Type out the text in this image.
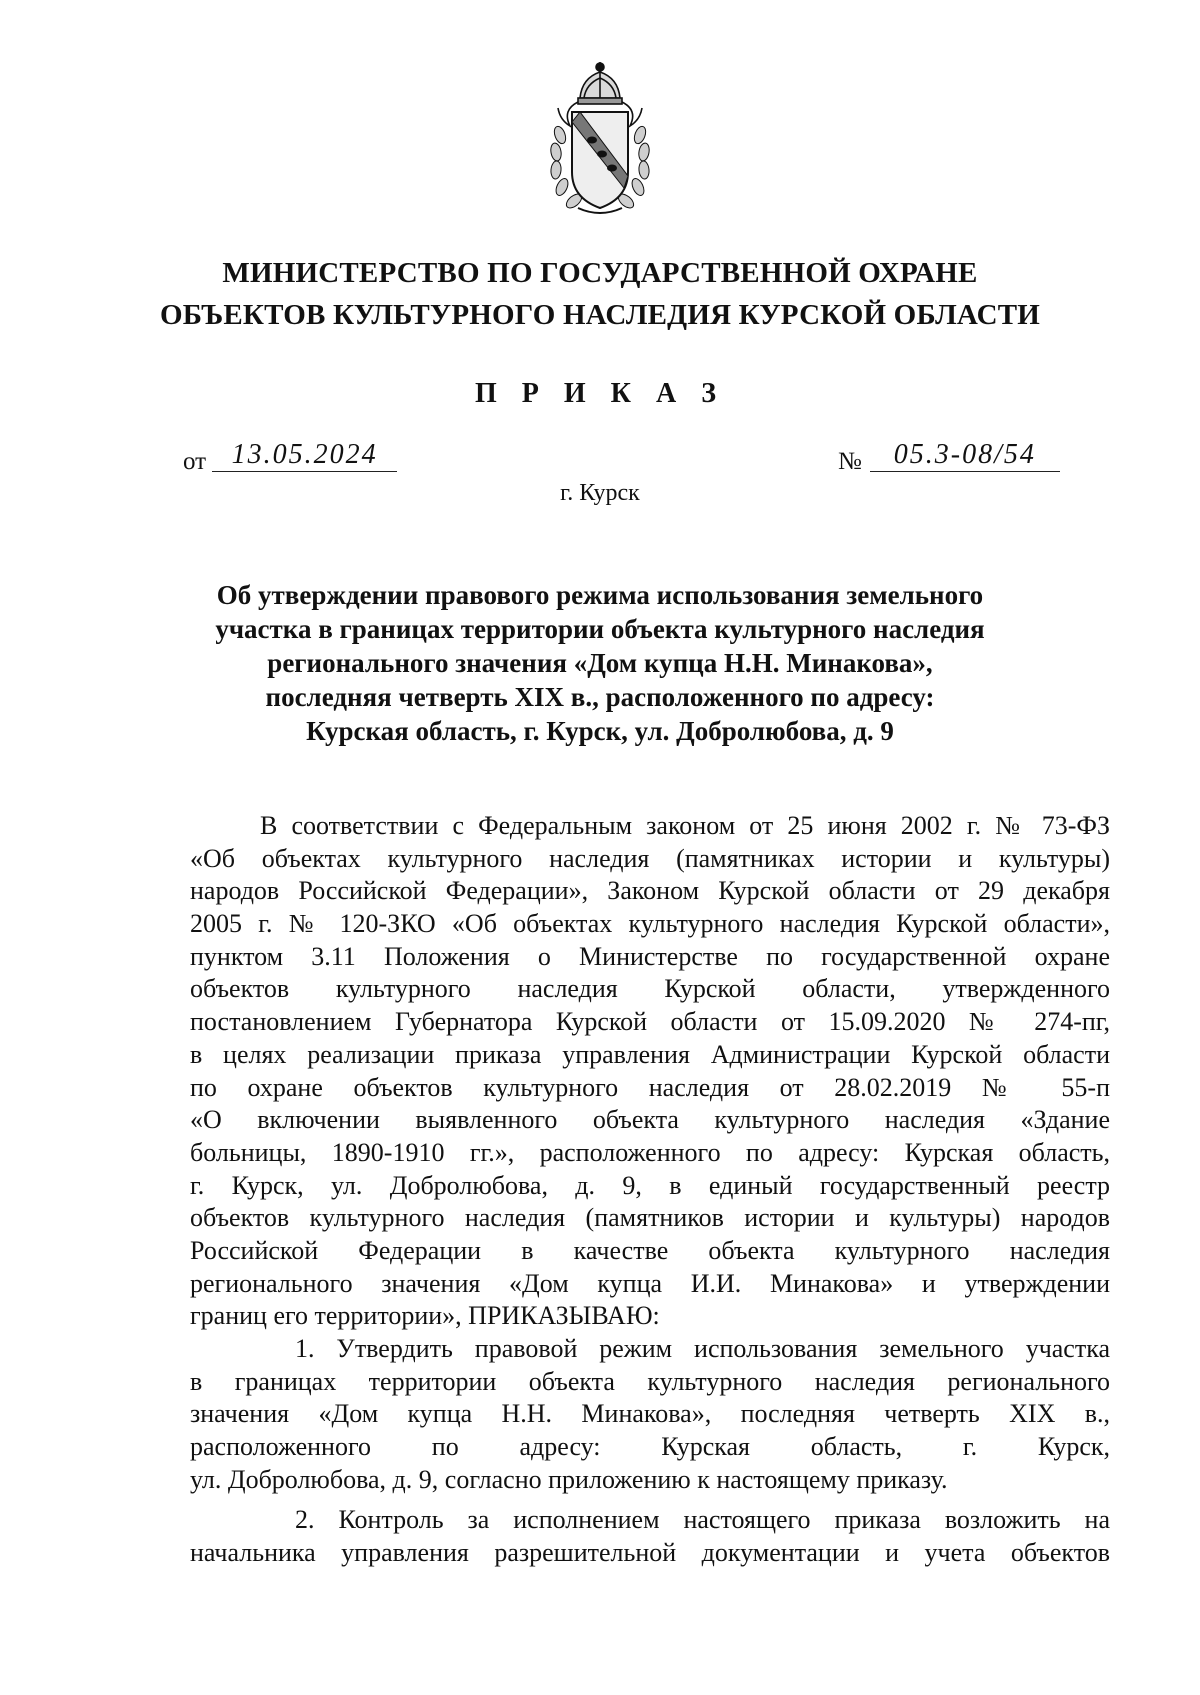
МИНИСТЕРСТВО ПО ГОСУДАРСТВЕННОЙ ОХРАНЕ
ОБЪЕКТОВ КУЛЬТУРНОГО НАСЛЕДИЯ КУРСКОЙ ОБЛАСТИ
П Р И К А З
от 13.05.2024	№ 05.3-08/54
г. Курск
Об утверждении правового режима использования земельного
участка в границах территории объекта культурного наследия
регионального значения «Дом купца Н.Н. Минакова»,
последняя четверть XIX в., расположенного по адресу:
Курская область, г. Курск, ул. Добролюбова, д. 9
В соответствии с Федеральным законом от 25 июня 2002 г. № 73-ФЗ
«Об объектах культурного наследия (памятниках истории и культуры)
народов Российской Федерации», Законом Курской области от 29 декабря
2005 г. № 120-ЗКО «Об объектах культурного наследия Курской области»,
пунктом 3.11 Положения о Министерстве по государственной охране
объектов культурного наследия Курской области, утвержденного
постановлением Губернатора Курской области от 15.09.2020 № 274-пг,
в целях реализации приказа управления Администрации Курской области
по охране объектов культурного наследия от 28.02.2019 № 55-п
«О включении выявленного объекта культурного наследия «Здание
больницы, 1890-1910 гг.», расположенного по адресу: Курская область,
г. Курск, ул. Добролюбова, д. 9, в единый государственный реестр
объектов культурного наследия (памятников истории и культуры) народов
Российской Федерации в качестве объекта культурного наследия
регионального значения «Дом купца И.И. Минакова» и утверждении
границ его территории», ПРИКАЗЫВАЮ:
1. Утвердить правовой режим использования земельного участка
в границах территории объекта культурного наследия регионального
значения «Дом купца Н.Н. Минакова», последняя четверть XIX в.,
расположенного по адресу: Курская область, г. Курск,
ул. Добролюбова, д. 9, согласно приложению к настоящему приказу.
2. Контроль за исполнением настоящего приказа возложить на
начальника управления разрешительной документации и учета объектов
